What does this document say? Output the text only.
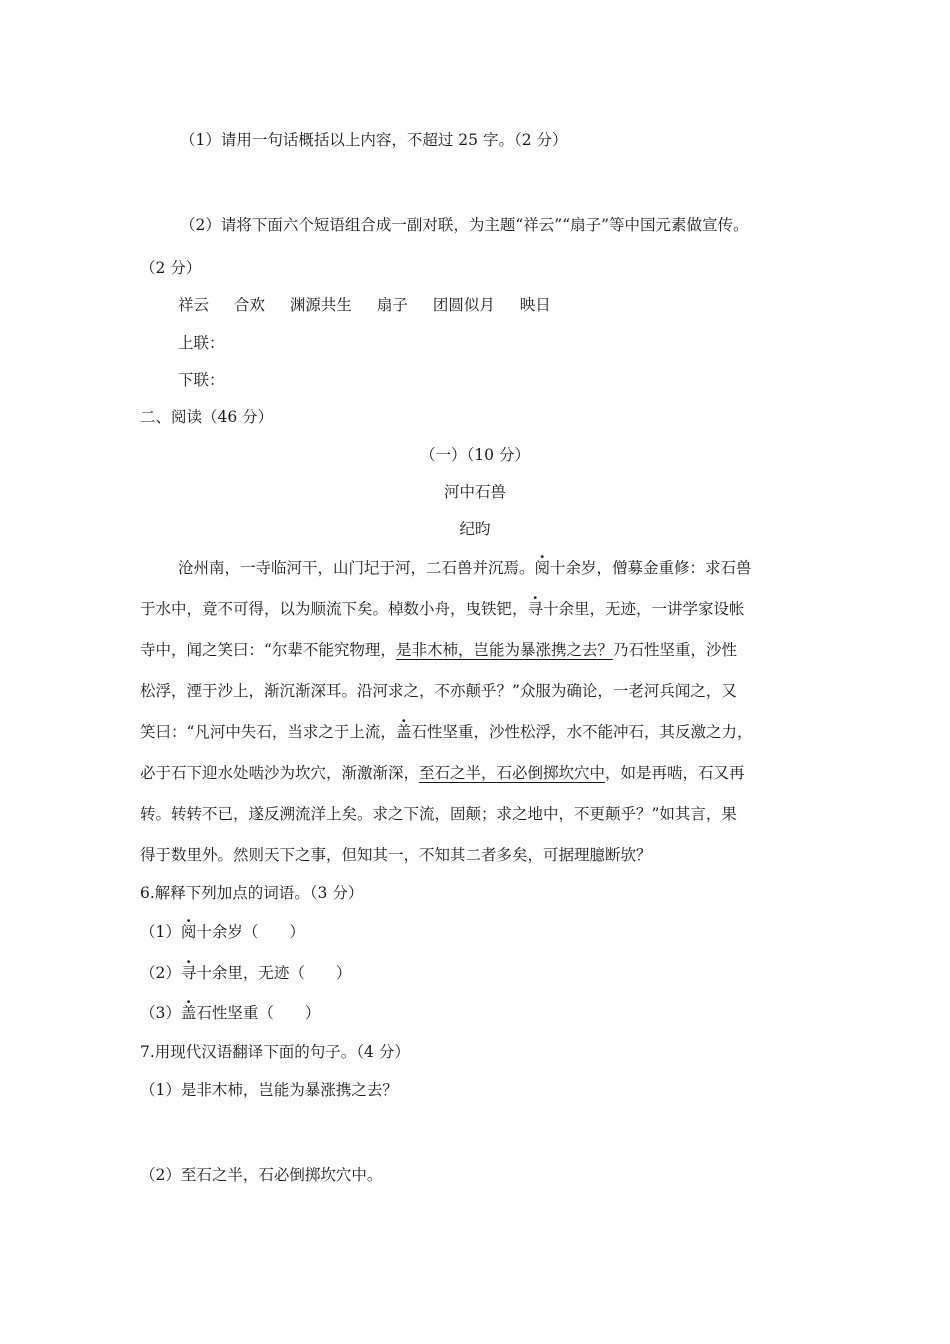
（1）请用一句话概括以上内容，不超过 25 字。（2 分）
（2）请将下面六个短语组合成一副对联，为主题“祥云”“扇子”等中国元素做宣传。
（2 分）
祥云 合欢 渊源共生 扇子 团圆似月 映日
上联：
下联：
二、阅读（46 分）
（一）（10 分）
河中石兽
纪昀
沧州南，一寺临河干，山门圮于河，二石兽并沉焉。阅十余岁，僧募金重修：求石兽
于水中，竟不可得，以为顺流下矣。棹数小舟，曳铁钯，寻十余里，无迹，一讲学家设帐
寺中，闻之笑曰：“尔辈不能究物理，是非木杮，岂能为暴涨携之去？乃石性坚重，沙性
松浮，湮于沙上，渐沉渐深耳。沿河求之，不亦颠乎？”众服为确论，一老河兵闻之，又
笑曰：“凡河中失石，当求之于上流，盖石性坚重，沙性松浮，水不能冲石，其反激之力，
必于石下迎水处啮沙为坎穴，渐激渐深，至石之半，石必倒掷坎穴中，如是再啮，石又再
转。转转不已，遂反溯流洋上矣。求之下流，固颠；求之地中，不更颠乎？”如其言，果
得于数里外。然则天下之事，但知其一，不知其二者多矣，可据理臆断欤？
6.解释下列加点的词语。（3 分）
（1）阅十余岁（　　）
（2）寻十余里，无迹（　　）
（3）盖石性坚重（　　）
7.用现代汉语翻译下面的句子。（4 分）
（1）是非木杮，岂能为暴涨携之去？
（2）至石之半，石必倒掷坎穴中。
